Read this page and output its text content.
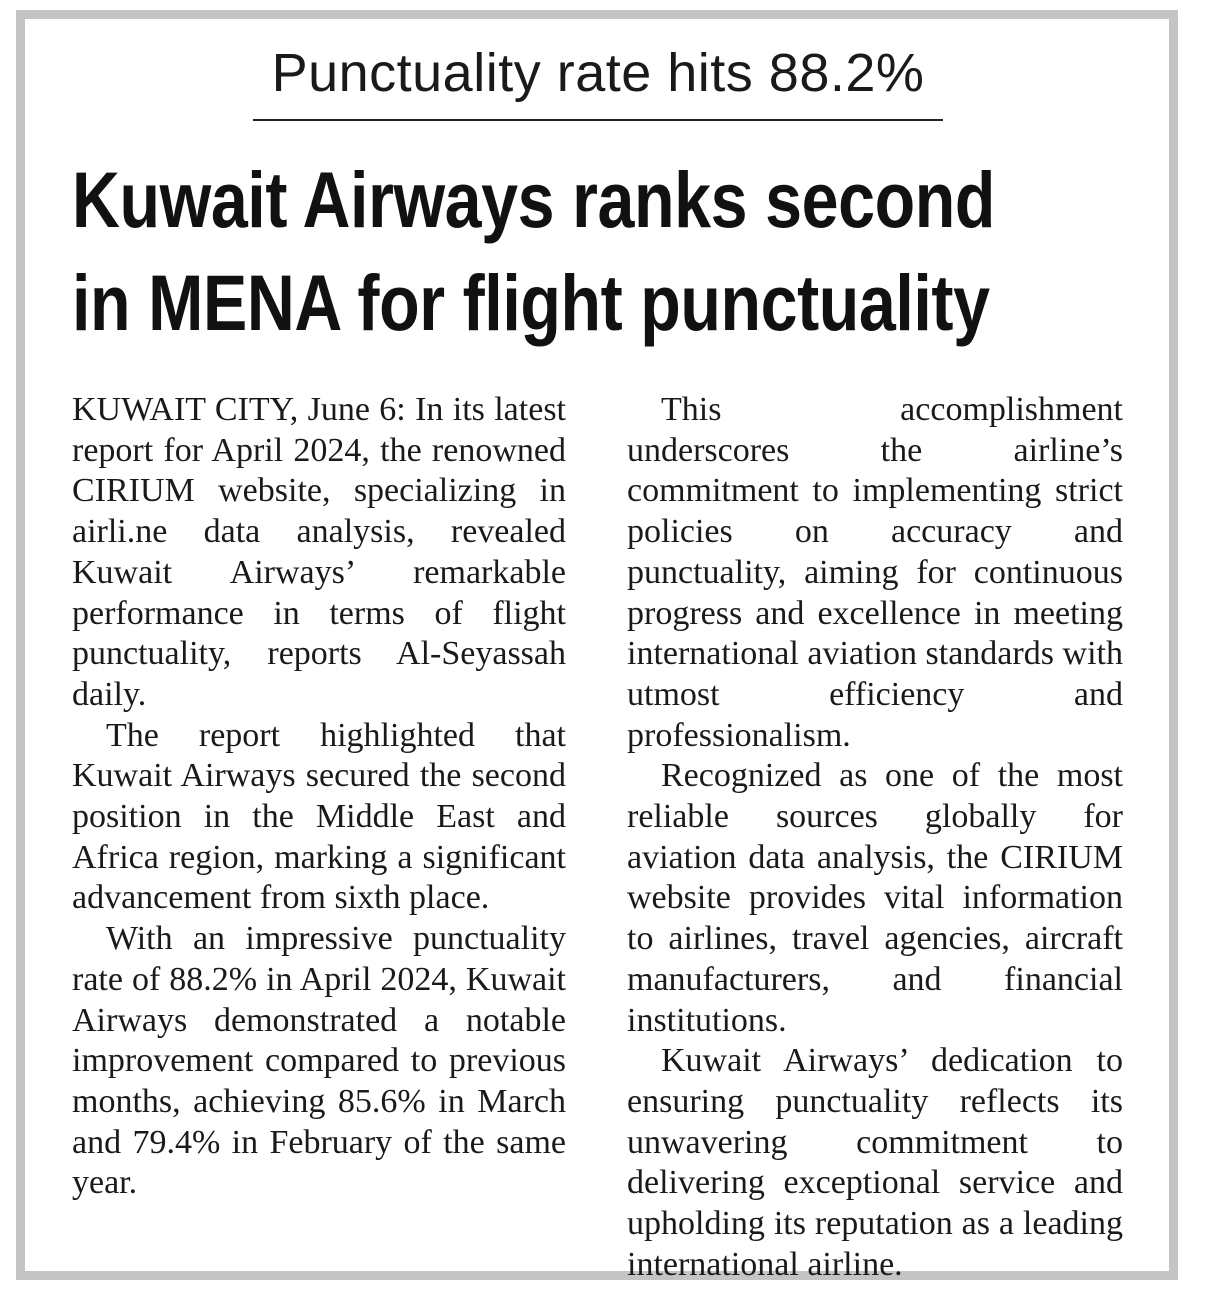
Punctuality rate hits 88.2%
Kuwait Airways ranks second
in MENA for flight punctuality

KUWAIT CITY, June 6: In its latest report for April 2024, the renowned CIRIUM website, specializing in airli.ne data analysis, revealed Kuwait Airways’ remarkable performance in terms of flight punctuality, reports Al-Seyassah daily.

The report highlighted that Kuwait Airways secured the second position in the Middle East and Africa region, marking a significant advancement from sixth place.

With an impressive punctuality rate of 88.2% in April 2024, Kuwait Airways demonstrated a notable improvement compared to previous months, achieving 85.6% in March and 79.4% in February of the same year.

This accomplishment underscores the airline’s commitment to implementing strict policies on accuracy and punctuality, aiming for continuous progress and excellence in meeting international aviation standards with utmost efficiency and professionalism.

Recognized as one of the most reliable sources globally for aviation data analysis, the CIRIUM website provides vital information to airlines, travel agencies, aircraft manufacturers, and financial institutions.

Kuwait Airways’ dedication to ensuring punctuality reflects its unwavering commitment to delivering exceptional service and upholding its reputation as a leading international airline.
